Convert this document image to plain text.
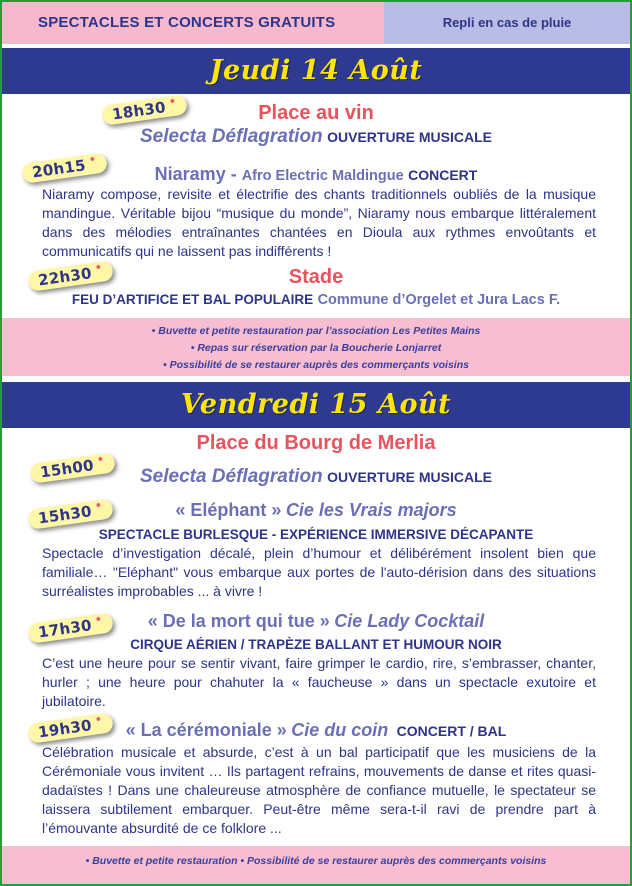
SPECTACLES ET CONCERTS GRATUITS	Repli en cas de pluie
Jeudi 14 Août
18h30•
Place au vin
Selecta Déflagration OUVERTURE MUSICALE
20h15•
Niaramy - Afro Electric Maldingue CONCERT
Niaramy compose, revisite et électrifie des chants traditionnels oubliés de la musique mandingue. Véritable bijou “musique du monde”, Niaramy nous embarque littéralement dans des mélodies entraînantes chantées en Dioula aux rythmes envoûtants et communicatifs qui ne laissent pas indifférents !
22h30•	Stade
FEU D’ARTIFICE ET BAL POPULAIRE Commune d’Orgelet et Jura Lacs F.
• Buvette et petite restauration par l’association Les Petites Mains
• Repas sur réservation par la Boucherie Lonjarret
• Possibilité de se restaurer auprès des commerçants voisins
Vendredi 15 Août
Place du Bourg de Merlia
15h00•
Selecta Déflagration OUVERTURE MUSICALE
15h30•	« Eléphant » Cie les Vrais majors
SPECTACLE BURLESQUE - EXPÉRIENCE IMMERSIVE DÉCAPANTE
Spectacle d’investigation décalé, plein d’humour et délibérément insolent bien que familiale… "Eléphant" vous embarque aux portes de l'auto-dérision dans des situations surréalistes improbables ... à vivre !
17h30•	« De la mort qui tue » Cie Lady Cocktail
CIRQUE AÉRIEN / TRAPÈZE BALLANT ET HUMOUR NOIR
C’est une heure pour se sentir vivant, faire grimper le cardio, rire, s’embrasser, chanter, hurler ; une heure pour chahuter la « faucheuse » dans un spectacle exutoire et jubilatoire.
19h30•
« La cérémoniale » Cie du coin CONCERT / BAL
Célébration musicale et absurde, c’est à un bal participatif que les musiciens de la Cérémoniale vous invitent … Ils partagent refrains, mouvements de danse et rites quasi-dadaïstes ! Dans une chaleureuse atmosphère de confiance mutuelle, le spectateur se laissera subtilement embarquer. Peut-être même sera-t-il ravi de prendre part à l’émouvante absurdité de ce folklore ...
• Buvette et petite restauration • Possibilité de se restaurer auprès des commerçants voisins
